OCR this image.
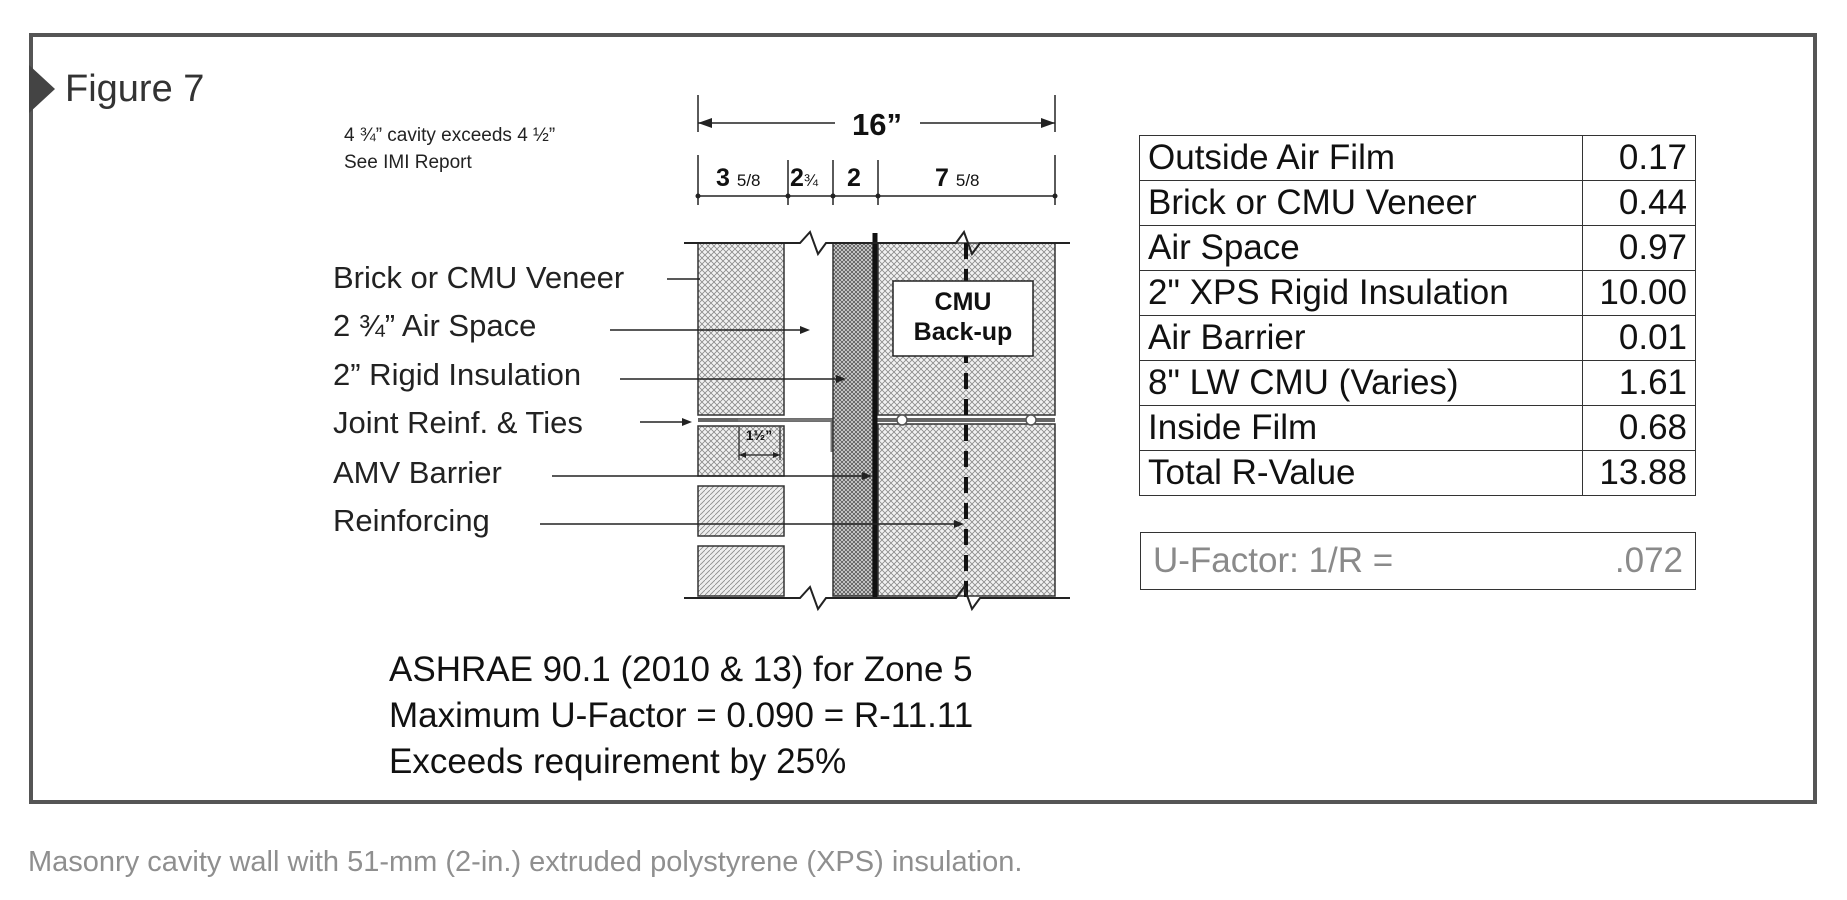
Figure 7
4 ¾” cavity exceeds 4 ½”
See IMI Report
16”
3 5/8 2¾ 2	7 5/8
1½”
CMU
Back-up
Brick or CMU Veneer
2 ¾” Air Space
2” Rigid Insulation
Joint Reinf. & Ties
AMV Barrier
Reinforcing
Outside Air Film	0.17
Brick or CMU Veneer	0.44
Air Space	0.97
2" XPS Rigid Insulation	10.00
Air Barrier	0.01
8" LW CMU (Varies)	1.61
Inside Film	0.68
Total R-Value	13.88
U-Factor: 1/R =	.072
ASHRAE 90.1 (2010 & 13) for Zone 5
Maximum U-Factor = 0.090 = R-11.11
Exceeds requirement by 25%
Masonry cavity wall with 51-mm (2-in.) extruded polystyrene (XPS) insulation.
